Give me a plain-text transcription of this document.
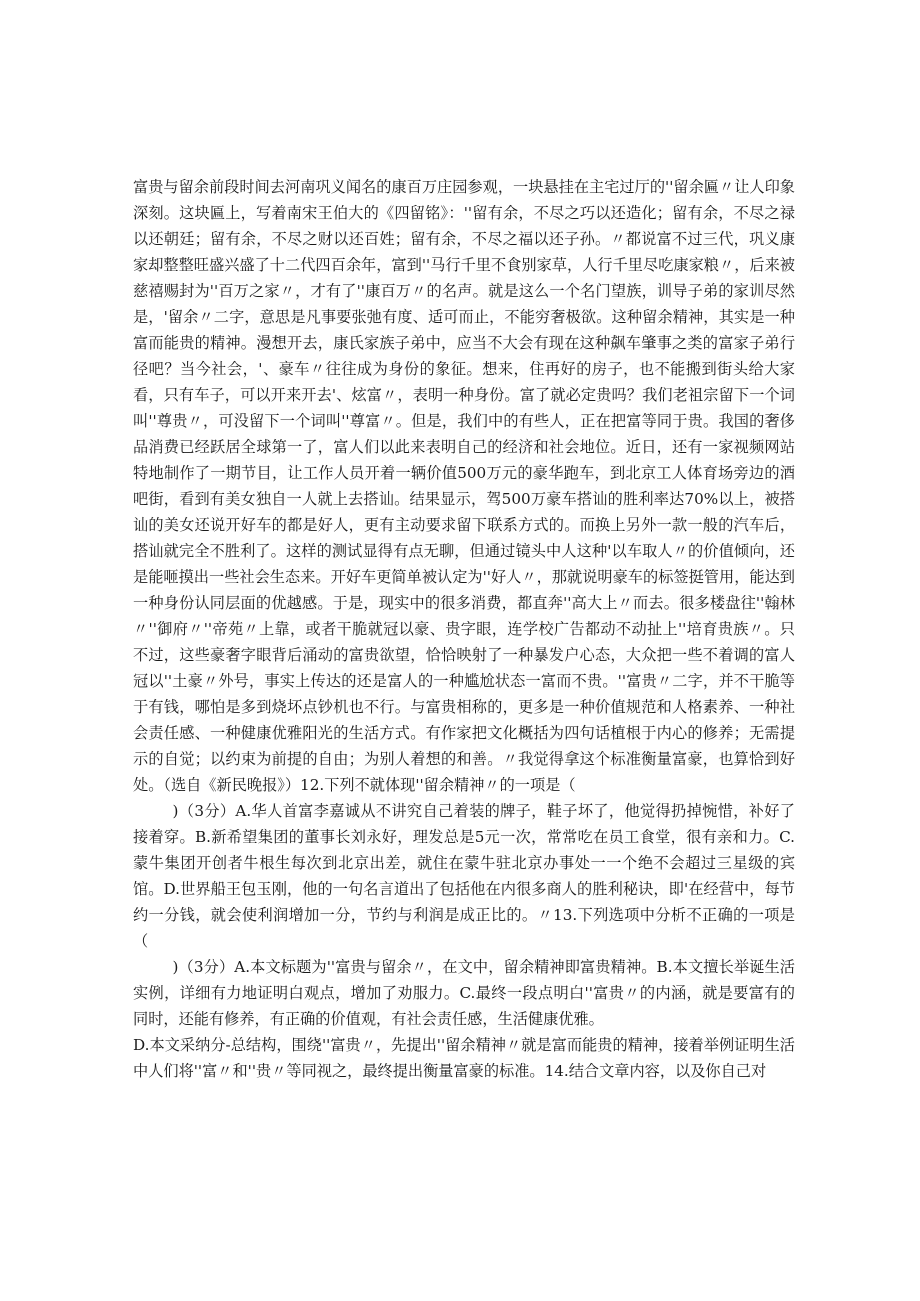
富贵与留余前段时间去河南巩义闻名的康百万庄园参观，一块悬挂在主宅过厅的''留余匾〃让人印象深刻。这块匾上，写着南宋王伯大的《四留铭》：''留有余，不尽之巧以还造化；留有余，不尽之禄以还朝廷；留有余，不尽之财以还百姓；留有余，不尽之福以还子孙。〃都说富不过三代，巩义康家却整整旺盛兴盛了十二代四百余年，富到''马行千里不食别家草，人行千里尽吃康家粮〃，后来被慈禧赐封为''百万之家〃，才有了''康百万〃的名声。就是这么一个名门望族，训导子弟的家训尽然是，'留余〃二字，意思是凡事要张弛有度、适可而止，不能穷奢极欲。这种留余精神，其实是一种富而能贵的精神。漫想开去，康氏家族子弟中，应当不大会有现在这种飙车肇事之类的富家子弟行径吧？当今社会，'、豪车〃往往成为身份的象征。想来，住再好的房子，也不能搬到街头给大家看，只有车子，可以开来开去'、炫富〃，表明一种身份。富了就必定贵吗？我们老祖宗留下一个词叫''尊贵〃，可没留下一个词叫''尊富〃。但是，我们中的有些人，正在把富等同于贵。我国的奢侈品消费已经跃居全球第一了，富人们以此来表明自己的经济和社会地位。近日，还有一家视频网站特地制作了一期节目，让工作人员开着一辆价值500万元的豪华跑车，到北京工人体育场旁边的酒吧街，看到有美女独自一人就上去搭讪。结果显示，驾500万豪车搭讪的胜利率达70%以上，被搭讪的美女还说开好车的都是好人，更有主动要求留下联系方式的。而换上另外一款一般的汽车后，搭讪就完全不胜利了。这样的测试显得有点无聊，但通过镜头中人这种'以车取人〃的价值倾向，还是能咂摸出一些社会生态来。开好车更简单被认定为''好人〃，那就说明豪车的标签挺管用，能达到一种身份认同层面的优越感。于是，现实中的很多消费，都直奔''高大上〃而去。很多楼盘往''翰林〃''御府〃''帝苑〃上靠，或者干脆就冠以豪、贵字眼，连学校广告都动不动扯上''培育贵族〃。只不过，这些豪奢字眼背后涌动的富贵欲望，恰恰映射了一种暴发户心态，大众把一些不着调的富人冠以''土豪〃外号，事实上传达的还是富人的一种尴尬状态一富而不贵。''富贵〃二字，并不干脆等于有钱，哪怕是多到烧坏点钞机也不行。与富贵相称的，更多是一种价值规范和人格素养、一种社会责任感、一种健康优雅阳光的生活方式。有作家把文化概括为四句话植根于内心的修养；无需提示的自觉；以约束为前提的自由；为别人着想的和善。〃我觉得拿这个标准衡量富豪，也算恰到好处。（选自《新民晚报》）12.下列不就体现''留余精神〃的一项是（

)（3分）A.华人首富李嘉诚从不讲究自己着装的牌子，鞋子坏了，他觉得扔掉惋惜，补好了接着穿。B.新希望集团的董事长刘永好，理发总是5元一次，常常吃在员工食堂，很有亲和力。C.蒙牛集团开创者牛根生每次到北京出差，就住在蒙牛驻北京办事处一一个绝不会超过三星级的宾馆。D.世界船王包玉刚，他的一句名言道出了包括他在内很多商人的胜利秘诀，即'在经营中，每节约一分钱，就会使利润增加一分，节约与利润是成正比的。〃13.下列选项中分析不正确的一项是（

)（3分）A.本文标题为''富贵与留余〃，在文中，留余精神即富贵精神。B.本文擅长举诞生活实例，详细有力地证明白观点，增加了劝服力。C.最终一段点明白''富贵〃的内涵，就是要富有的同时，还能有修养，有正确的价值观，有社会责任感，生活健康优雅。

D.本文采纳分-总结构，围绕''富贵〃，先提出''留余精神〃就是富而能贵的精神，接着举例证明生活中人们将''富〃和''贵〃等同视之，最终提出衡量富豪的标准。14.结合文章内容，以及你自己对
